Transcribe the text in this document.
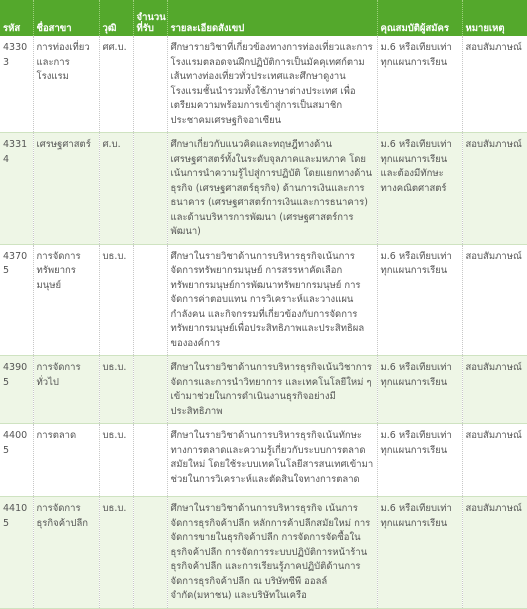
รหัส	ชื่อสาขา	วุฒิ	จำนวนที่รับ	รายละเอียดสังเขป	คุณสมบัติผู้สมัคร	หมายเหตุ
43303	การท่องเที่ยวและการโรงแรม	ศศ.บ.		ศึกษารายวิชาที่เกี่ยวข้องทางการท่องเที่ยวและการโรงแรมตลอดจนฝึกปฏิบัติการเป็นมัคคุเทศก์ตามเส้นทางท่องเที่ยวทั่วประเทศและศึกษาดูงานโรงแรมชั้นนำรวมทั้งใช้ภาษาต่างประเทศ เพื่อเตรียมความพร้อมการเข้าสู่การเป็นสมาชิกประชาคมเศรษฐกิจอาเซียน	ม.6 หรือเทียบเท่าทุกแผนการเรียน	สอบสัมภาษณ์
43314	เศรษฐศาสตร์	ศ.บ.		ศึกษาเกี่ยวกับแนวคิดและทฤษฎีทางด้านเศรษฐศาสตร์ทั้งในระดับจุลภาคและมหภาค โดยเน้นการนำความรู้ไปสู่การปฏิบัติ โดยแยกทางด้านธุรกิจ (เศรษฐศาสตร์ธุรกิจ) ด้านการเงินและการธนาคาร (เศรษฐศาสตร์การเงินและการธนาคาร) และด้านบริหารการพัฒนา (เศรษฐศาสตร์การพัฒนา)	ม.6 หรือเทียบเท่าทุกแผนการเรียนและต้องมีทักษะทางคณิตศาสตร์	สอบสัมภาษณ์
43705	การจัดการทรัพยากรมนุษย์	บธ.บ.		ศึกษาในรายวิชาด้านการบริหารธุรกิจเน้นการจัดการทรัพยากรมนุษย์ การสรรหาคัดเลือกทรัพยากรมนุษย์การพัฒนาทรัพยากรมนุษย์ การจัดการค่าตอบแทน การวิเคราะห์และวางแผนกำลังคน และกิจกรรมที่เกี่ยวข้องกับการจัดการทรัพยากรมนุษย์เพื่อประสิทธิภาพและประสิทธิผลขององค์การ	ม.6 หรือเทียบเท่าทุกแผนการเรียน	สอบสัมภาษณ์
43905	การจัดการทั่วไป	บธ.บ.		ศึกษาในรายวิชาด้านการบริหารธุรกิจเน้นวิชาการจัดการและการนำวิทยาการ และเทคโนโลยีใหม่ ๆเข้ามาช่วยในการดำเนินงานธุรกิจอย่างมีประสิทธิภาพ	ม.6 หรือเทียบเท่าทุกแผนการเรียน	สอบสัมภาษณ์
44005	การตลาด	บธ.บ.		ศึกษาในรายวิชาด้านการบริหารธุรกิจเน้นทักษะทางการตลาดและความรู้เกี่ยวกับระบบการตลาดสมัยใหม่ โดยใช้ระบบเทคโนโลยีสารสนเทศเข้ามาช่วยในการวิเคราะห์และตัดสินใจทางการตลาด	ม.6 หรือเทียบเท่าทุกแผนการเรียน	สอบสัมภาษณ์
44105	การจัดการธุรกิจค้าปลีก	บธ.บ.		ศึกษาในรายวิชาด้านการบริหารธุรกิจ เน้นการจัดการธุรกิจค้าปลีก หลักการค้าปลีกสมัยใหม่ การจัดการขายในธุรกิจค้าปลีก การจัดการจัดซื้อในธุรกิจค้าปลีก การจัดการระบบปฏิบัติการหน้าร้านธุรกิจค้าปลีก และการเรียนรู้ภาคปฏิบัติด้านการจัดการธุรกิจค้าปลีก ณ บริษัทซีพี ออลล์ จำกัด(มหาชน) และบริษัทในเครือ	ม.6 หรือเทียบเท่าทุกแผนการเรียน	สอบสัมภาษณ์
